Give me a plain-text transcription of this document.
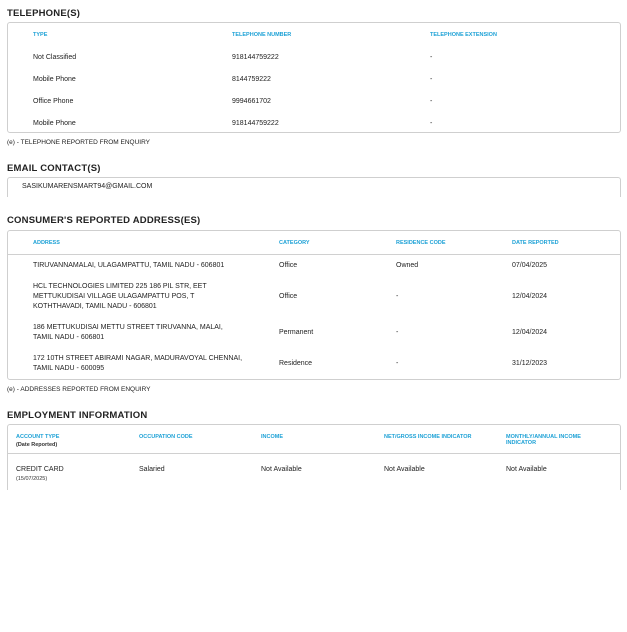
TELEPHONE(S)
TYPE	TELEPHONE NUMBER	TELEPHONE EXTENSION
Not Classified	918144759222	-
Mobile Phone	8144759222	-
Office Phone	9994661702	-
Mobile Phone	918144759222	-
(e) - TELEPHONE REPORTED FROM ENQUIRY
EMAIL CONTACT(S)
SASIKUMARENSMART94@GMAIL.COM
CONSUMER'S REPORTED ADDRESS(ES)
ADDRESS	CATEGORY	RESIDENCE CODE	DATE REPORTED
TIRUVANNAMALAI, ULAGAMPATTU, TAMIL NADU - 606801	Office	Owned	07/04/2025
HCL TECHNOLOGIES LIMITED 225 186 PIL STR, EET
METTUKUDISAI VILLAGE ULAGAMPATTU POS, T
KOTHTHAVADI, TAMIL NADU - 606801
Office	-	12/04/2024
186 METTUKUDISAI METTU STREET TIRUVANNA, MALAI,
TAMIL NADU - 606801
Permanent	-	12/04/2024
172 10TH STREET ABIRAMI NAGAR, MADURAVOYAL CHENNAI,
TAMIL NADU - 600095
Residence	-	31/12/2023
(e) - ADDRESSES REPORTED FROM ENQUIRY
EMPLOYMENT INFORMATION
ACCOUNT TYPE
(Date Reported)
OCCUPATION CODE	INCOME	NET/GROSS INCOME INDICATOR	MONTHLY/ANNUAL INCOME INDICATOR
CREDIT CARD
(15/07/2025)
Salaried	Not Available	Not Available	Not Available
